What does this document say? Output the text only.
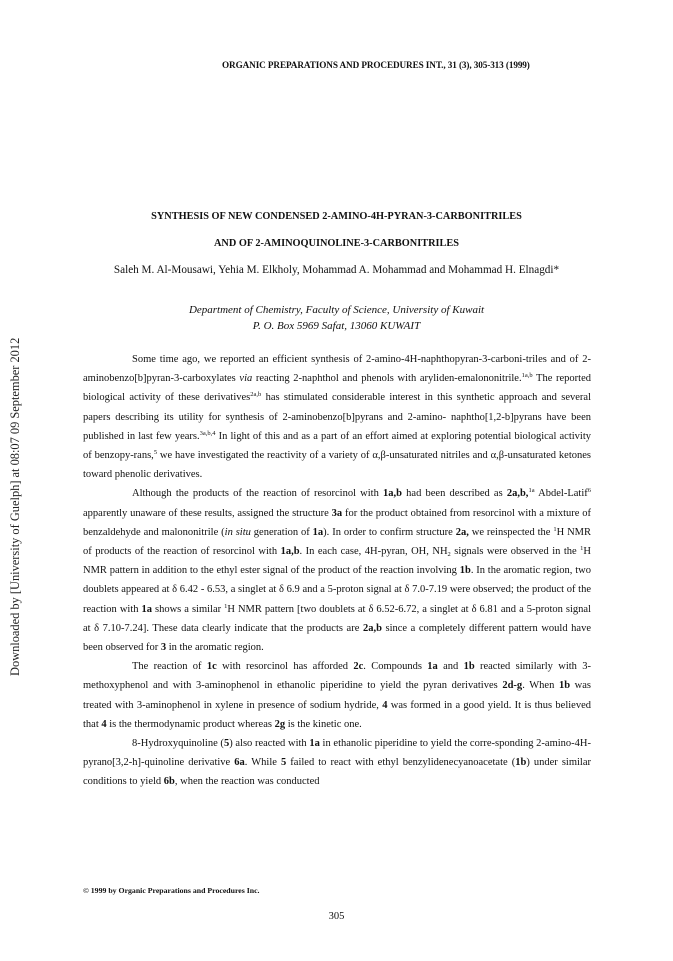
ORGANIC PREPARATIONS AND PROCEDURES INT., 31 (3), 305-313 (1999)
Downloaded by [University of Guelph] at 08:07 09 September 2012
SYNTHESIS OF NEW CONDENSED 2-AMINO-4H-PYRAN-3-CARBONITRILES
AND OF 2-AMINOQUINOLINE-3-CARBONITRILES
Saleh M. Al-Mousawi, Yehia M. Elkholy, Mohammad A. Mohammad and Mohammad H. Elnagdi*
Department of Chemistry, Faculty of Science, University of Kuwait
P. O. Box 5969 Safat, 13060 KUWAIT

Some time ago, we reported an efficient synthesis of 2-amino-4H-naphthopyran-3-carboni-triles and of 2-aminobenzo[b]pyran-3-carboxylates via reacting 2-naphthol and phenols with aryliden-emalononitrile.$^{1a,b}$ The reported biological activity of these derivatives$^{2a,b}$ has stimulated considerable interest in this synthetic approach and several papers describing its utility for synthesis of 2-aminobenzo[b]pyrans and 2-amino- naphtho[1,2-b]pyrans have been published in last few years.$^{3a,b,4}$ In light of this and as a part of an effort aimed at exploring potential biological activity of benzopy-rans,$^5$ we have investigated the reactivity of a variety of α,β-unsaturated nitriles and α,β-unsaturated ketones toward phenolic derivatives.

Although the products of the reaction of resorcinol with 1a,b had been described as 2a,b,$^{1a}$ Abdel-Latif$^6$ apparently unaware of these results, assigned the structure 3a for the product obtained from resorcinol with a mixture of benzaldehyde and malononitrile (in situ generation of 1a). In order to confirm structure 2a, we reinspected the $^1$H NMR of products of the reaction of resorcinol with 1a,b. In each case, 4H-pyran, OH, $NH_2$ signals were observed in the $^1$H NMR pattern in addition to the ethyl ester signal of the product of the reaction involving 1b. In the aromatic region, two doublets appeared at δ 6.42 - 6.53, a singlet at δ 6.9 and a 5-proton signal at δ 7.0-7.19 were observed; the product of the reaction with 1a shows a similar $^1$H NMR pattern [two doublets at δ 6.52-6.72, a singlet at δ 6.81 and a 5-proton signal at δ 7.10-7.24]. These data clearly indicate that the products are 2a,b since a completely different pattern would have been observed for 3 in the aromatic region.

The reaction of 1c with resorcinol has afforded 2c. Compounds 1a and 1b reacted similarly with 3-methoxyphenol and with 3-aminophenol in ethanolic piperidine to yield the pyran derivatives 2d-g. When 1b was treated with 3-aminophenol in xylene in presence of sodium hydride, 4 was formed in a good yield. It is thus believed that 4 is the thermodynamic product whereas 2g is the kinetic one.

8-Hydroxyquinoline (5) also reacted with 1a in ethanolic piperidine to yield the corre-sponding 2-amino-4H-pyrano[3,2-h]-quinoline derivative 6a. While 5 failed to react with ethyl benzylidenecyanoacetate (1b) under similar conditions to yield 6b, when the reaction was conducted

© 1999 by Organic Preparations and Procedures Inc.
305
